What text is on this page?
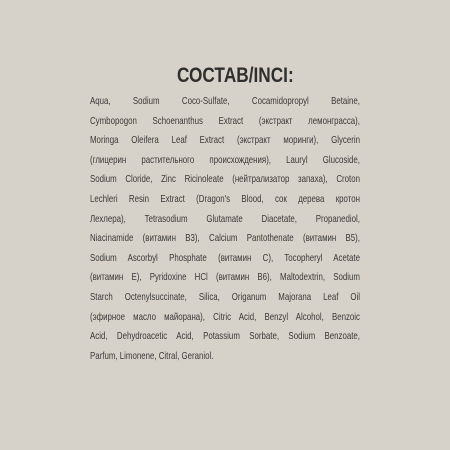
СОСТАВ/INCI:
Aqua, Sodium Coco-Sulfate, Cocamidopropyl Betaine,
Cymbopogon Schoenanthus Extract (экстракт лемонграсса),
Moringa Oleifera Leaf Extract (экстракт моринги), Glycerin
(глицерин растительного происхождения), Lauryl Glucoside,
Sodium Cloride, Zinc Ricinoleate (нейтрализатор запаха), Croton
Lechleri Resin Extract (Dragon's Blood, сок дерева кротон
Лехлера), Tetrasodium Glutamate Diacetate, Propanediol,
Niacinamide (витамин B3), Calcium Pantothenate (витамин B5),
Sodium Ascorbyl Phosphate (витамин C), Tocopheryl Acetate
(витамин E), Pyridoxine HCl (витамин B6), Maltodextrin, Sodium
Starch Octenylsuccinate, Silica, Origanum Majorana Leaf Oil
(эфирное масло майорана), Citric Acid, Benzyl Alcohol, Benzoic
Acid, Dehydroacetic Acid, Potassium Sorbate, Sodium Benzoate,
Parfum, Limonene, Citral, Geraniol.
